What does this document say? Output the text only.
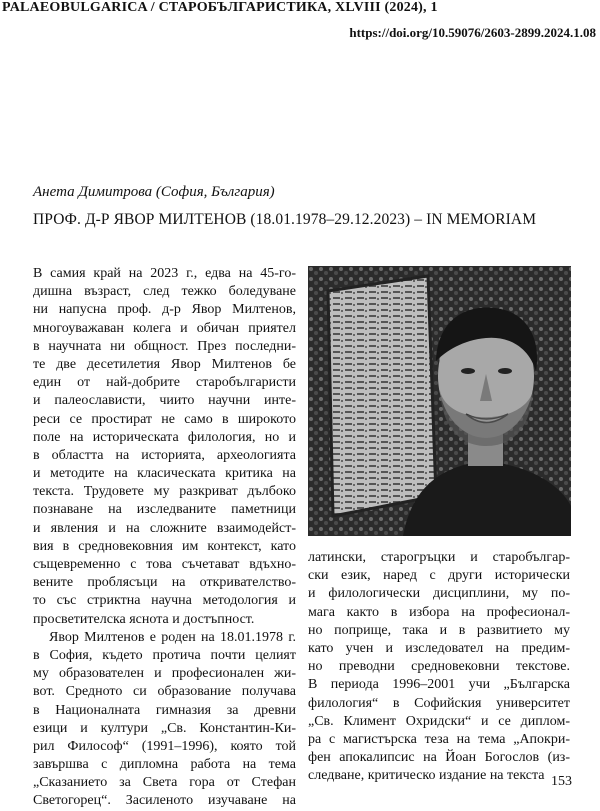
PALAEOBULGARICA / СТАРОБЪЛГАРИСТИКА, XLVIII (2024), 1
https://doi.org/10.59076/2603-2899.2024.1.08
Анета Димитрова (София, България)
ПРОФ. Д-Р ЯВОР МИЛТЕНОВ (18.01.1978–29.12.2023) – IN MEMORIAM
В самия край на 2023 г., едва на 45-го-
дишна възраст, след тежко боледуване
ни напусна проф. д-р Явор Милтенов,
многоуважаван колега и обичан приятел
в научната ни общност. През последни-
те две десетилетия Явор Милтенов бе
един от най-добрите старобългаристи
и палеослависти, чиито научни инте-
реси се простират не само в широкото
поле на историческата филология, но и
в областта на историята, археологията
и методите на класическата критика на
текста. Трудовете му разкриват дълбоко
познаване на изследваните паметници
и явления и на сложните взаимодейст-
вия в средновековния им контекст, като
същевременно с това съчетават вдъхно-
вените проблясъци на откривателство-
то със стриктна научна методология и
просветителска яснота и достъпност.
Явор Милтенов е роден на 18.01.1978 г.
в София, където протича почти целият
му образователен и професионален жи-
вот. Средното си образование получава
в Националната гимназия за древни
езици и култури „Св. Константин-Ки-
рил Философ“ (1991–1996), която той
завършва с дипломна работа на тема
„Сказанието за Света гора от Стефан
Светогорец“. Засиленото изучаване на
латински, старогръцки и старобългар-
ски език, наред с други исторически
и филологически дисциплини, му по-
мага както в избора на професионал-
но поприще, така и в развитието му
като учен и изследовател на предим-
но преводни средновековни текстове.
В периода 1996–2001 учи „Българска
филология“ в Софийския университет
„Св. Климент Охридски“ и се диплом-
ра с магистърска теза на тема „Апокри-
фен апокалипсис на Йоан Богослов (из-
следване, критическо издание на текста 153
